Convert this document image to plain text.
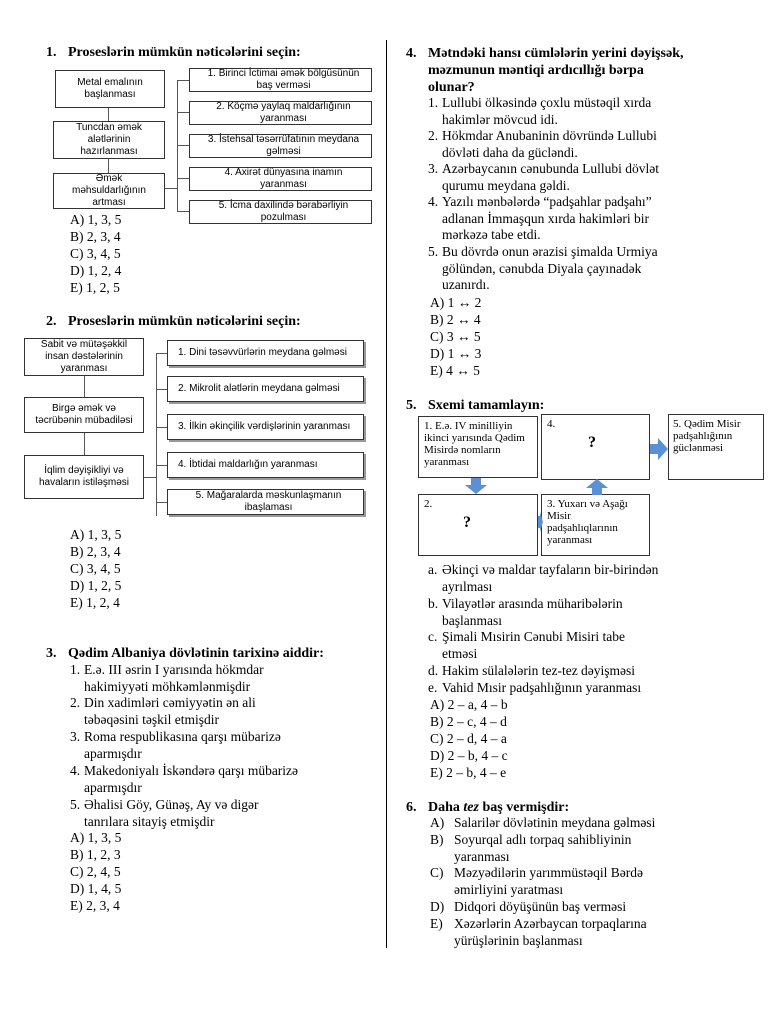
1. Proseslərin mümkün nəticələrini seçin:
Metal emalının başlanması
Tuncdan əmək alətlərinin hazırlanması
Əmək məhsuldarlığının artması
1. Birinci İctimai əmək bölgüsünün baş verməsi
2. Köçmə yaylaq maldarlığının yaranması
3. İstehsal təsərrüfatının meydana gəlməsi
4. Axirət dünyasına inamın yaranması
5. İcma daxilində bərabərliyin pozulması
A) 1, 3, 5
B) 2, 3, 4
C) 3, 4, 5
D) 1, 2, 4
E) 1, 2, 5
2. Proseslərin mümkün nəticələrini seçin:
Sabit və mütəşəkkil insan dəstələrinin yaranması
Birgə əmək və təcrübənin mübadiləsi
İqlim dəyişikliyi və havaların istiləşməsi
1. Dini təsəvvürlərin meydana gəlməsi
2. Mikrolit alətlərin meydana gəlməsi
3. İlkin əkinçilik vərdişlərinin yaranması
4. İbtidai maldarlığın yaranması
5. Mağaralarda məskunlaşmanın ibaşlaması
A) 1, 3, 5
B) 2, 3, 4
C) 3, 4, 5
D) 1, 2, 5
E) 1, 2, 4
3. Qədim Albaniya dövlətinin tarixinə aiddir:
1. E.ə. III əsrin I yarısında hökmdar
hakimiyyəti möhkəmlənmişdir
2. Din xadimləri cəmiyyətin ən ali
təbəqəsini təşkil etmişdir
3. Roma respublikasına qarşı mübarizə
aparmışdır
4. Makedoniyalı İskəndərə qarşı mübarizə
aparmışdır
5. Əhalisi Göy, Günəş, Ay və digər
tanrılara sitayiş etmişdir
A) 1, 3, 5
B) 1, 2, 3
C) 2, 4, 5
D) 1, 4, 5
E) 2, 3, 4
4. Mətndəki hansı cümlələrin yerini dəyişsək,
məzmunun məntiqi ardıcıllığı bərpa
olunar?
1. Lullubi ölkəsində çoxlu müstəqil xırda
hakimlər mövcud idi.
2. Hökmdar Anubaninin dövründə Lullubi
dövləti daha da gücləndi.
3. Azərbaycanın cənubunda Lullubi dövlət
qurumu meydana gəldi.
4. Yazılı mənbələrdə “padşahlar padşahı”
adlanan İmmaşqun xırda hakimləri bir
mərkəzə tabe etdi.
5. Bu dövrdə onun ərazisi şimalda Urmiya
gölündən, cənubda Diyala çayınadək
uzanırdı.
A) 1 ↔ 2
B) 2 ↔ 4
C) 3 ↔ 5
D) 1 ↔ 3
E) 4 ↔ 5
5. Sxemi tamamlayın:
1. E.ə. IV minilliyin ikinci yarısında Qədim Misirdə nomların yaranması
4.
?
5. Qədim Misir padşahlığının güclənməsi
2.
?
3. Yuxarı və Aşağı Misir padşahlıqlarının yaranması
a. Əkinçi və maldar tayfaların bir-birindən
ayrılması
b. Vilayətlər arasında müharibələrin
başlanması
c. Şimali Mısirin Cənubi Misiri tabe
etməsi
d. Hakim sülalələrin tez-tez dəyişməsi
e. Vahid Mısir padşahlığının yaranması
A) 2 – a, 4 – b
B) 2 – c, 4 – d
C) 2 – d, 4 – a
D) 2 – b, 4 – c
E) 2 – b, 4 – e
6. Daha tez baş vermişdir:
A) Salarilər dövlətinin meydana gəlməsi
B) Soyurqal adlı torpaq sahibliyinin
yaranması
C) Məzyədilərin yarımmüstəqil Bərdə
əmirliyini yaratması
D) Didqori döyüşünün baş verməsi
E) Xəzərlərin Azərbaycan torpaqlarına
yürüşlərinin başlanması
